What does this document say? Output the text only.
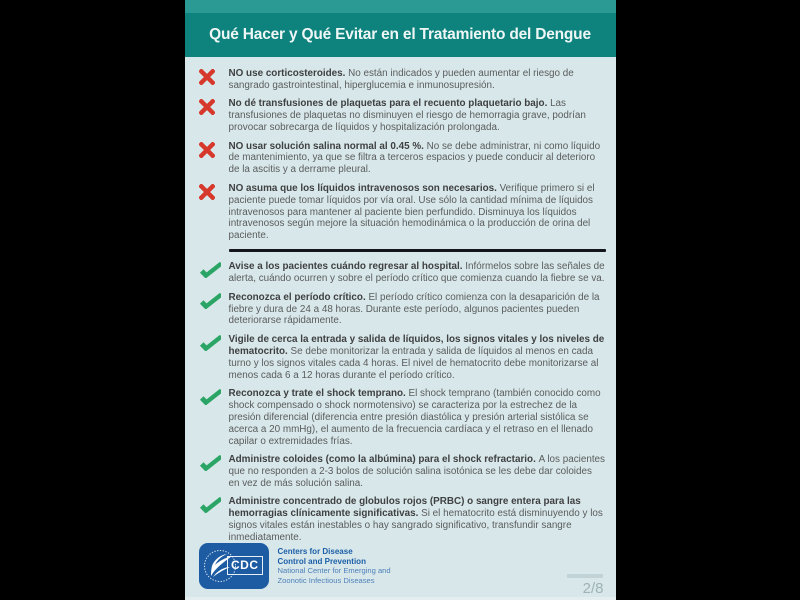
Qué Hacer y Qué Evitar en el Tratamiento del Dengue

NO use corticosteroides. No están indicados y pueden aumentar el riesgo de sangrado gastrointestinal, hiperglucemia e inmunosupresión.

No dé transfusiones de plaquetas para el recuento plaquetario bajo. Las transfusiones de plaquetas no disminuyen el riesgo de hemorragia grave, podrían provocar sobrecarga de líquidos y hospitalización prolongada.

NO usar solución salina normal al 0.45 %. No se debe administrar, ni como líquido de mantenimiento, ya que se filtra a terceros espacios y puede conducir al deterioro de la ascitis y a derrame pleural.

NO asuma que los líquidos intravenosos son necesarios. Verifique primero si el paciente puede tomar líquidos por vía oral. Use sólo la cantidad mínima de líquidos intravenosos para mantener al paciente bien perfundido. Disminuya los líquidos intravenosos según mejore la situación hemodinámica o la producción de orina del paciente.

Avise a los pacientes cuándo regresar al hospital. Infórmelos sobre las señales de alerta, cuándo ocurren y sobre el período crítico que comienza cuando la fiebre se va.

Reconozca el período crítico. El período crítico comienza con la desaparición de la fiebre y dura de 24 a 48 horas. Durante este período, algunos pacientes pueden deteriorarse rápidamente.

Vigile de cerca la entrada y salida de líquidos, los signos vitales y los niveles de hematocrito. Se debe monitorizar la entrada y salida de líquidos al menos en cada turno y los signos vitales cada 4 horas. El nivel de hematocrito debe monitorizarse al menos cada 6 a 12 horas durante el período crítico.

Reconozca y trate el shock temprano. El shock temprano (también conocido como shock compensado o shock normotensivo) se caracteriza por la estrechez de la presión diferencial (diferencia entre presión diastólica y presión arterial sistólica se acerca a 20 mmHg), el aumento de la frecuencia cardíaca y el retraso en el llenado capilar o extremidades frías.

Administre coloides (como la albúmina) para el shock refractario. A los pacientes que no responden a 2-3 bolos de solución salina isotónica se les debe dar coloides en vez de más solución salina.

Administre concentrado de globulos rojos (PRBC) o sangre entera para las hemorragias clínicamente significativas. Si el hematocrito está disminuyendo y los signos vitales están inestables o hay sangrado significativo, transfundir sangre inmediatamente.

CDC
Centers for Disease
Control and Prevention
National Center for Emerging and
Zoonotic Infectious Diseases	2/8
